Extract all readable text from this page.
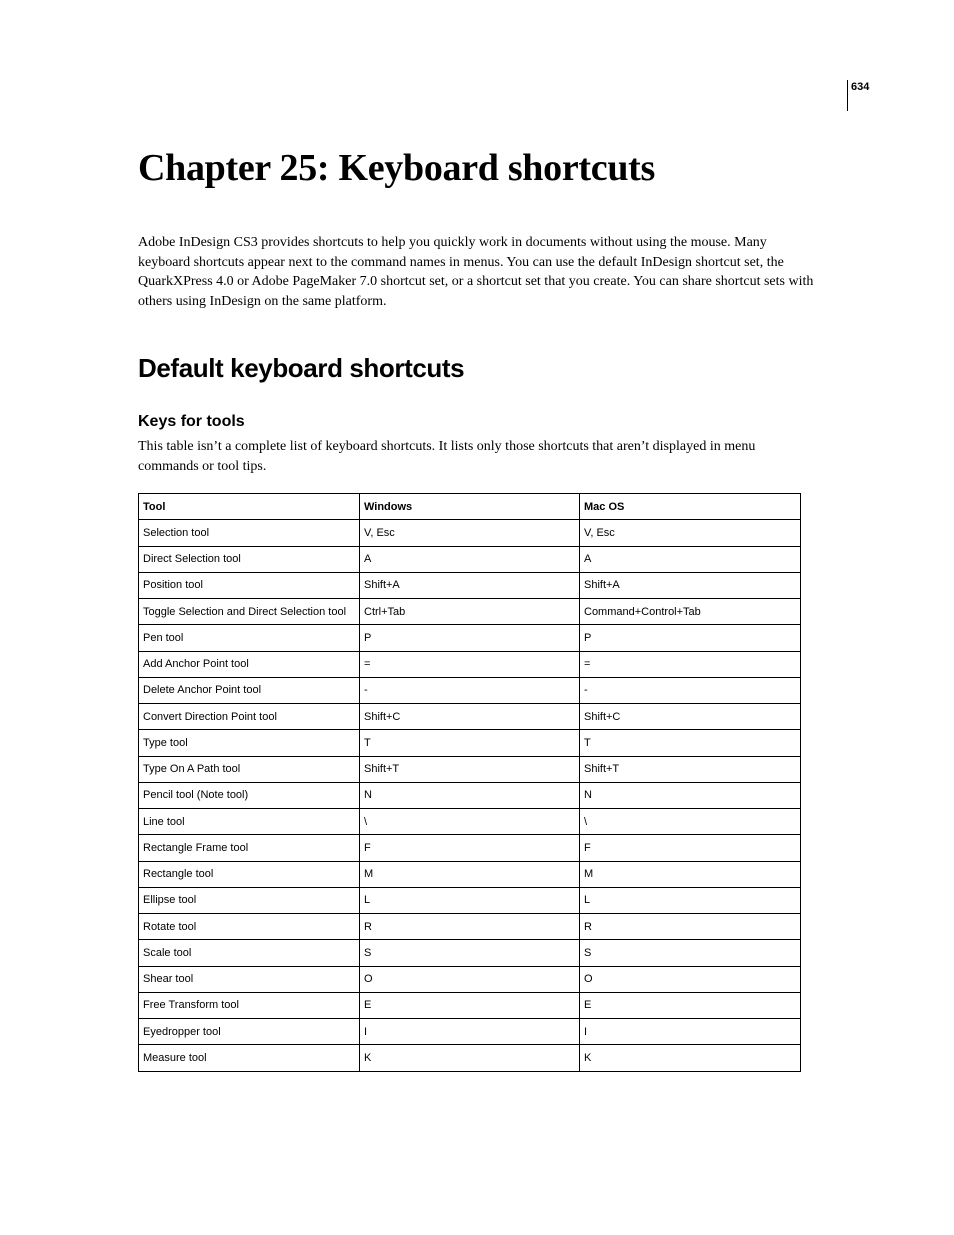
634
Chapter 25: Keyboard shortcuts

Adobe InDesign CS3 provides shortcuts to help you quickly work in documents without using the mouse. Many keyboard shortcuts appear next to the command names in menus. You can use the default InDesign shortcut set, the QuarkXPress 4.0 or Adobe PageMaker 7.0 shortcut set, or a shortcut set that you create. You can share shortcut sets with others using InDesign on the same platform.

Default keyboard shortcuts
Keys for tools

This table isn’t a complete list of keyboard shortcuts. It lists only those shortcuts that aren’t displayed in menu commands or tool tips.

Tool	Windows	Mac OS
Selection tool	V, Esc	V, Esc
Direct Selection tool	A	A
Position tool	Shift+A	Shift+A
Toggle Selection and Direct Selection tool	Ctrl+Tab	Command+Control+Tab
Pen tool	P	P
Add Anchor Point tool	=	=
Delete Anchor Point tool	-	-
Convert Direction Point tool	Shift+C	Shift+C
Type tool	T	T
Type On A Path tool	Shift+T	Shift+T
Pencil tool (Note tool)	N	N
Line tool	\	\
Rectangle Frame tool	F	F
Rectangle tool	M	M
Ellipse tool	L	L
Rotate tool	R	R
Scale tool	S	S
Shear tool	O	O
Free Transform tool	E	E
Eyedropper tool	I	I
Measure tool	K	K
